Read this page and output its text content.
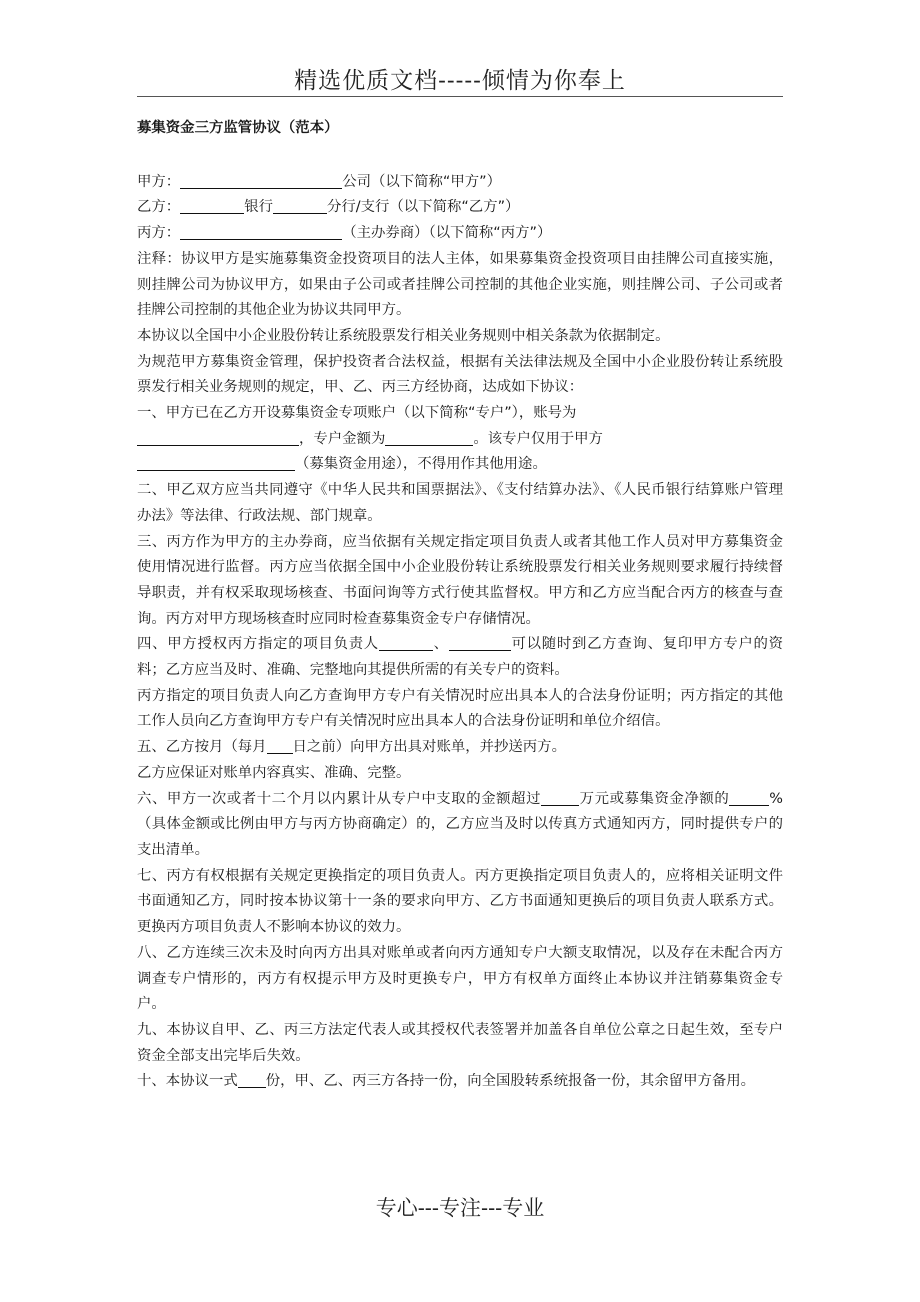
精选优质文档-----倾情为你奉上
募集资金三方监管协议（范本）
甲方：	公司（以下简称“甲方”）
乙方：	银行	分行/支行（以下简称“乙方”）
丙方：	（主办券商）（以下简称“丙方”）

注释：协议甲方是实施募集资金投资项目的法人主体，如果募集资金投资项目由挂牌公司直接实施，则挂牌公司为协议甲方，如果由子公司或者挂牌公司控制的其他企业实施，则挂牌公司、子公司或者挂牌公司控制的其他企业为协议共同甲方。

本协议以全国中小企业股份转让系统股票发行相关业务规则中相关条款为依据制定。

为规范甲方募集资金管理，保护投资者合法权益，根据有关法律法规及全国中小企业股份转让系统股票发行相关业务规则的规定，甲、乙、丙三方经协商，达成如下协议：

一、甲方已在乙方开设募集资金专项账户（以下简称“专户”），账号为
，专户金额为	。该专户仅用于甲方
（募集资金用途），不得用作其他用途。

二、甲乙双方应当共同遵守《中华人民共和国票据法》、《支付结算办法》、《人民币银行结算账户管理办法》等法律、行政法规、部门规章。

三、丙方作为甲方的主办券商，应当依据有关规定指定项目负责人或者其他工作人员对甲方募集资金使用情况进行监督。丙方应当依据全国中小企业股份转让系统股票发行相关业务规则要求履行持续督导职责，并有权采取现场核查、书面问询等方式行使其监督权。甲方和乙方应当配合丙方的核查与查询。丙方对甲方现场核查时应同时检查募集资金专户存储情况。

四、甲方授权丙方指定的项目负责人	、	可以随时到乙方查询、复印甲方专户的资料；乙方应当及时、准确、完整地向其提供所需的有关专户的资料。

丙方指定的项目负责人向乙方查询甲方专户有关情况时应出具本人的合法身份证明；丙方指定的其他工作人员向乙方查询甲方专户有关情况时应出具本人的合法身份证明和单位介绍信。

五、乙方按月（每月 日之前）向甲方出具对账单，并抄送丙方。

乙方应保证对账单内容真实、准确、完整。

六、甲方一次或者十二个月以内累计从专户中支取的金额超过	万元或募集资金净额的	%（具体金额或比例由甲方与丙方协商确定）的，乙方应当及时以传真方式通知丙方，同时提供专户的支出清单。

七、丙方有权根据有关规定更换指定的项目负责人。丙方更换指定项目负责人的，应将相关证明文件书面通知乙方，同时按本协议第十一条的要求向甲方、乙方书面通知更换后的项目负责人联系方式。更换丙方项目负责人不影响本协议的效力。

八、乙方连续三次未及时向丙方出具对账单或者向丙方通知专户大额支取情况，以及存在未配合丙方调查专户情形的，丙方有权提示甲方及时更换专户，甲方有权单方面终止本协议并注销募集资金专户。

九、本协议自甲、乙、丙三方法定代表人或其授权代表签署并加盖各自单位公章之日起生效，至专户资金全部支出完毕后失效。

十、本协议一式 份，甲、乙、丙三方各持一份，向全国股转系统报备一份，其余留甲方备用。

专心---专注---专业
